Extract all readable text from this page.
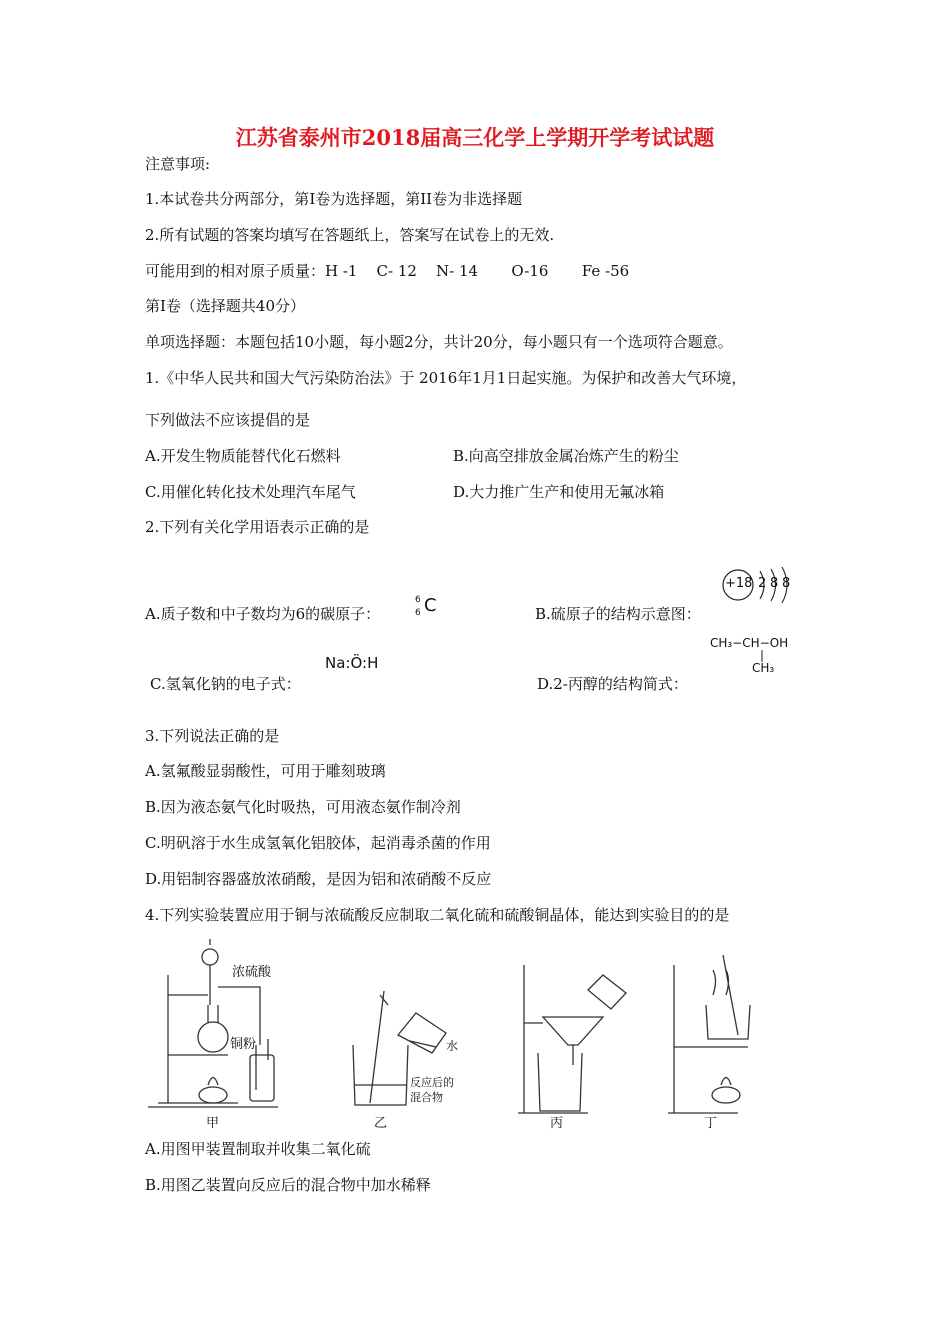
江苏省泰州市2018届高三化学上学期开学考试试题
注意事项:
1.本试卷共分两部分，第I卷为选择题，第II卷为非选择题
2.所有试题的答案均填写在答题纸上，答案写在试卷上的无效.
可能用到的相对原子质量：H -1    C- 12    N- 14       O-16       Fe -56
第I卷（选择题共40分）
单项选择题：本题包括10小题，每小题2分，共计20分，每小题只有一个选项符合题意。
1.《中华人民共和国大气污染防治法》于 2016年1月1日起实施。为保护和改善大气环境，
下列做法不应该提倡的是
A.开发生物质能替代化石燃料	B.向高空排放金属冶炼产生的粉尘
C.用催化转化技术处理汽车尾气	D.大力推广生产和使用无氟冰箱
2.下列有关化学用语表示正确的是
A.质子数和中子数均为6的碳原子：
6
6 C	B.硫原子的结构示意图：
+18 2 8 8
Na:Ö:H
C.氢氧化钠的电子式：
CH₃−CH−OH
CH₃
D.2-丙醇的结构简式：
3.下列说法正确的是
A.氢氟酸显弱酸性，可用于雕刻玻璃
B.因为液态氨气化时吸热，可用液态氨作制冷剂
C.明矾溶于水生成氢氧化铝胶体，起消毒杀菌的作用
D.用铝制容器盛放浓硝酸，是因为铝和浓硝酸不反应
4.下列实验装置应用于铜与浓硫酸反应制取二氧化硫和硫酸铜晶体，能达到实验目的的是
浓硫酸
铜粉	水
反应后的
混合物
甲	乙	丙	丁
A.用图甲装置制取并收集二氧化硫
B.用图乙装置向反应后的混合物中加水稀释
